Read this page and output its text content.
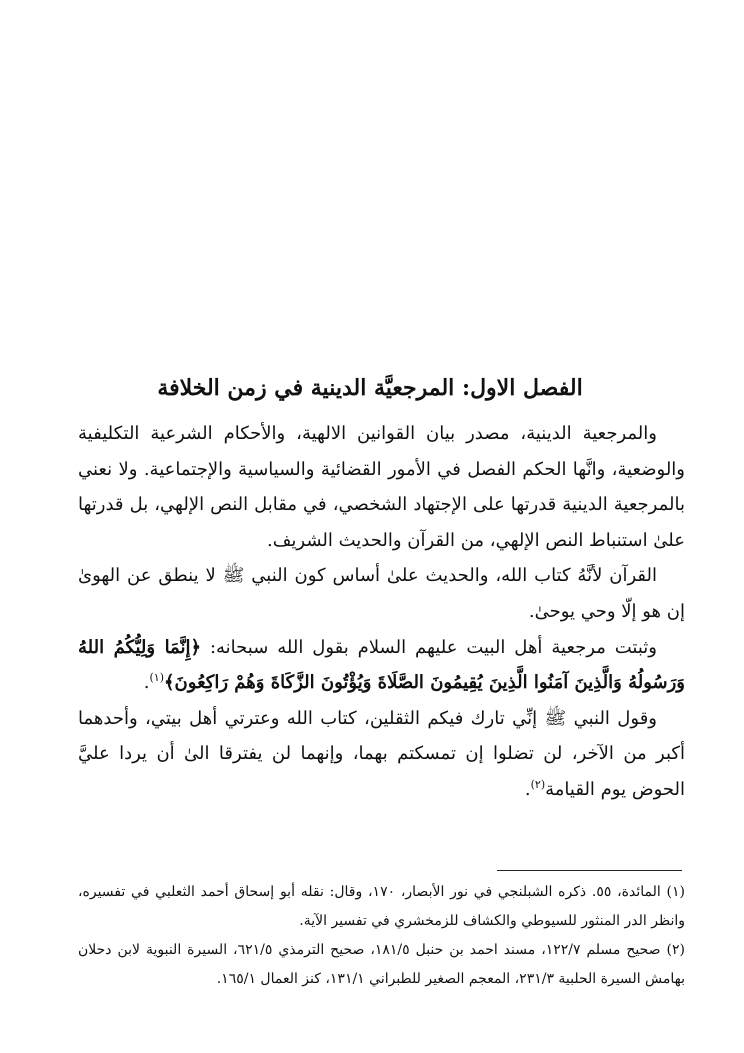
الفصل الاول: المرجعيَّة الدينية في زمن الخلافة

والمرجعية الدينية، مصدر بيان القوانين الالهية، والأحكام الشرعية التكليفية والوضعية، وانَّها الحكم الفصل في الأمور القضائية والسياسية والإجتماعية. ولا نعني بالمرجعية الدينية قدرتها على الإجتهاد الشخصي، في مقابل النص الإلهي، بل قدرتها علىٰ استنباط النص الإلهي، من القرآن والحديث الشريف.

القرآن لأنَّهُ كتاب الله، والحديث علىٰ أساس كون النبي ﷺ لا ينطق عن الهوىٰ إن هو إلّا وحي يوحىٰ.

وثبتت مرجعية أهل البيت عليهم السلام بقول الله سبحانه: ﴿إِنَّمَا وَلِيُّكُمُ اللهُ وَرَسُولُهُ وَالَّذِينَ آمَنُوا الَّذِينَ يُقِيمُونَ الصَّلَاةَ وَيُؤْتُونَ الزَّكَاةَ وَهُمْ رَاكِعُونَ﴾$^{(١)}$.

وقول النبي ﷺ إنِّي تارك فيكم الثقلين، كتاب الله وعترتي أهل بيتي، وأحدهما أكبر من الآخر، لن تضلوا إن تمسكتم بهما، وإنهما لن يفترقا الىٰ أن يردا عليَّ الحوض يوم القيامة$^{(٢)}$.

(١) المائدة، ٥٥. ذكره الشبلنجي في نور الأبصار، ١٧٠، وقال: نقله أبو إسحاق أحمد الثعلبي في تفسيره، وانظر الدر المنثور للسيوطي والكشاف للزمخشري في تفسير الآية.

(٢) صحيح مسلم ١٢٢/٧، مسند احمد بن حنبل ١٨١/٥، صحيح الترمذي ٦٢١/٥، السيرة النبوية لابن دحلان بهامش السيرة الحلبية ٢٣١/٣، المعجم الصغير للطبراني ١٣١/١، كنز العمال ١٦٥/١.
